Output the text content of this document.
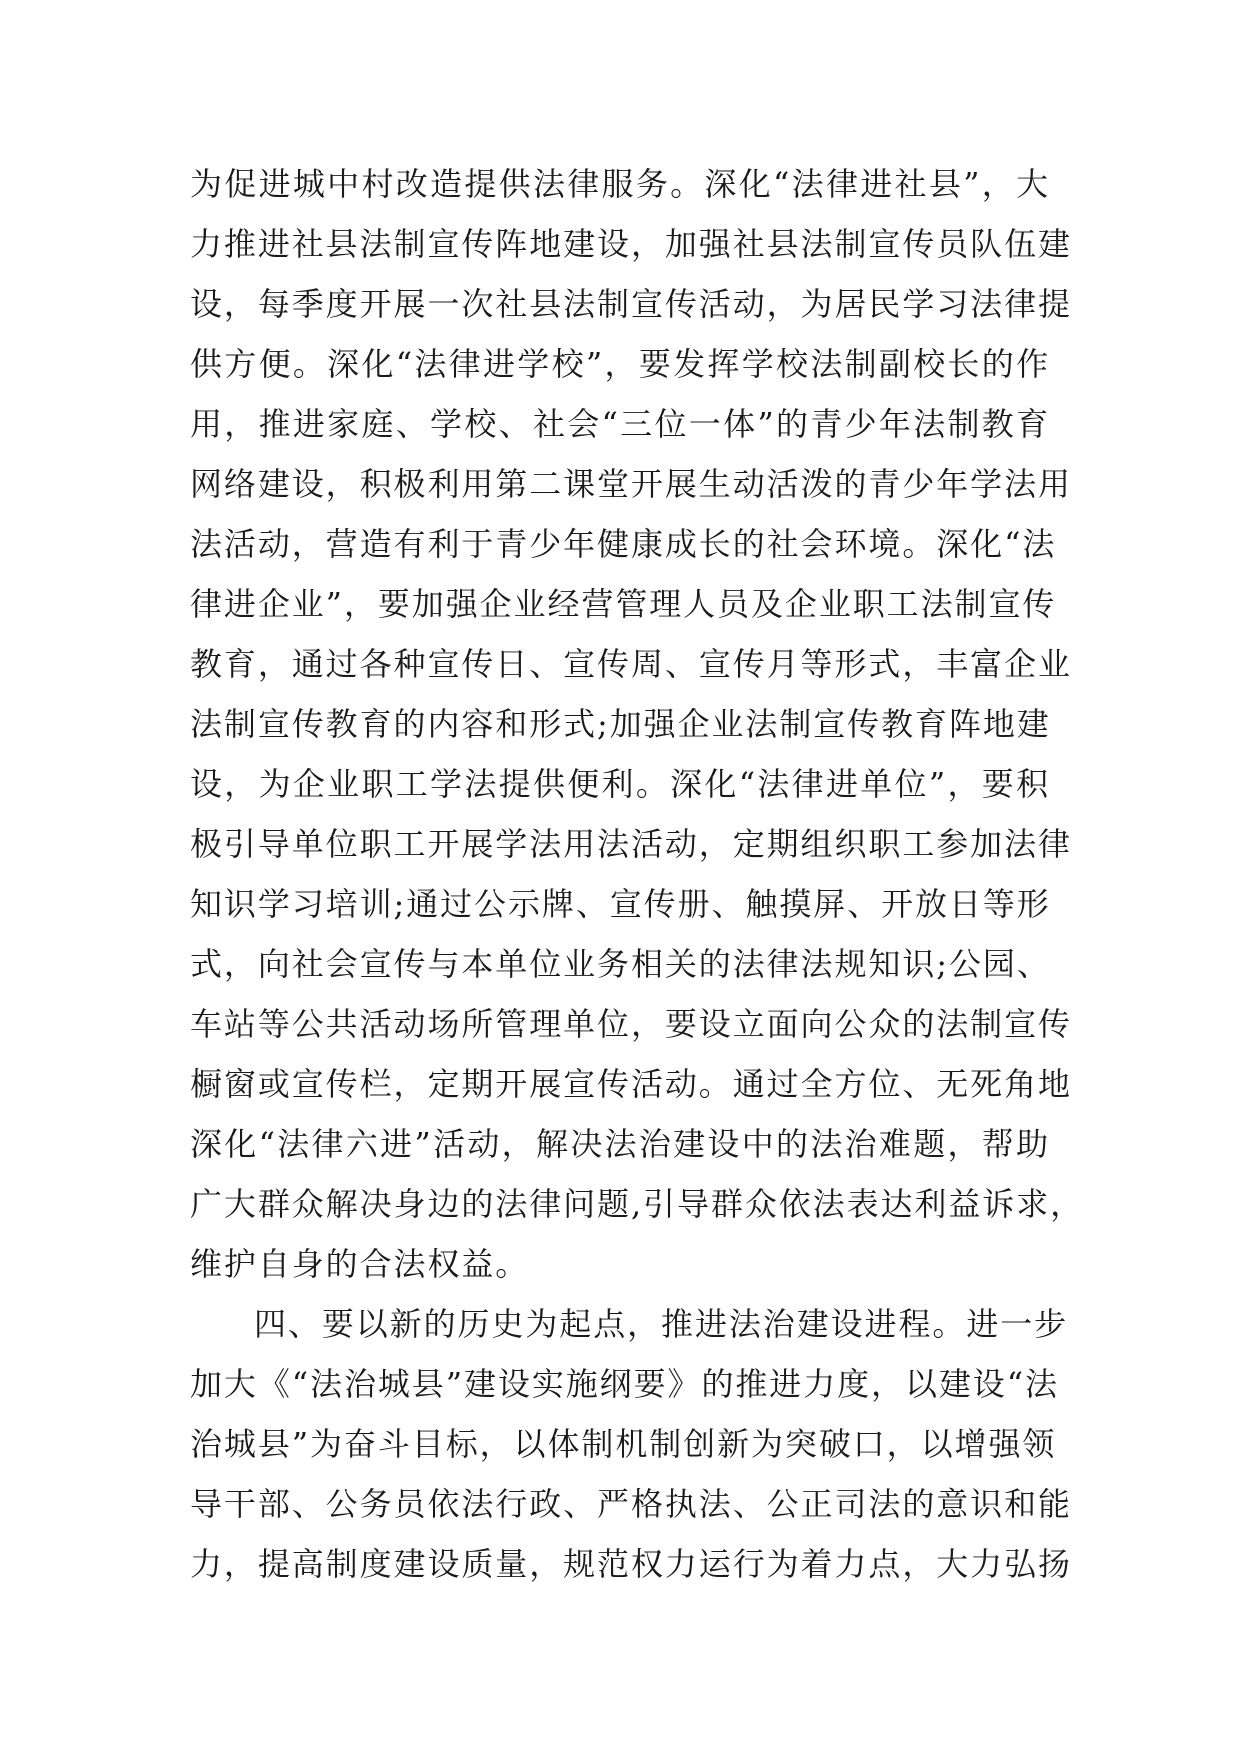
为促进城中村改造提供法律服务。深化“法律进社县”，大
力推进社县法制宣传阵地建设，加强社县法制宣传员队伍建
设，每季度开展一次社县法制宣传活动，为居民学习法律提
供方便。深化“法律进学校”，要发挥学校法制副校长的作
用，推进家庭、学校、社会“三位一体”的青少年法制教育
网络建设，积极利用第二课堂开展生动活泼的青少年学法用
法活动，营造有利于青少年健康成长的社会环境。深化“法
律进企业”，要加强企业经营管理人员及企业职工法制宣传
教育，通过各种宣传日、宣传周、宣传月等形式，丰富企业
法制宣传教育的内容和形式;加强企业法制宣传教育阵地建
设，为企业职工学法提供便利。深化“法律进单位”，要积
极引导单位职工开展学法用法活动，定期组织职工参加法律
知识学习培训;通过公示牌、宣传册、触摸屏、开放日等形
式，向社会宣传与本单位业务相关的法律法规知识;公园、
车站等公共活动场所管理单位，要设立面向公众的法制宣传
橱窗或宣传栏，定期开展宣传活动。通过全方位、无死角地
深化“法律六进”活动，解决法治建设中的法治难题，帮助
广大群众解决身边的法律问题,引导群众依法表达利益诉求，
维护自身的合法权益。
四、要以新的历史为起点，推进法治建设进程。进一步
加大《“法治城县”建设实施纲要》的推进力度，以建设“法
治城县”为奋斗目标，以体制机制创新为突破口，以增强领
导干部、公务员依法行政、严格执法、公正司法的意识和能
力，提高制度建设质量，规范权力运行为着力点，大力弘扬
